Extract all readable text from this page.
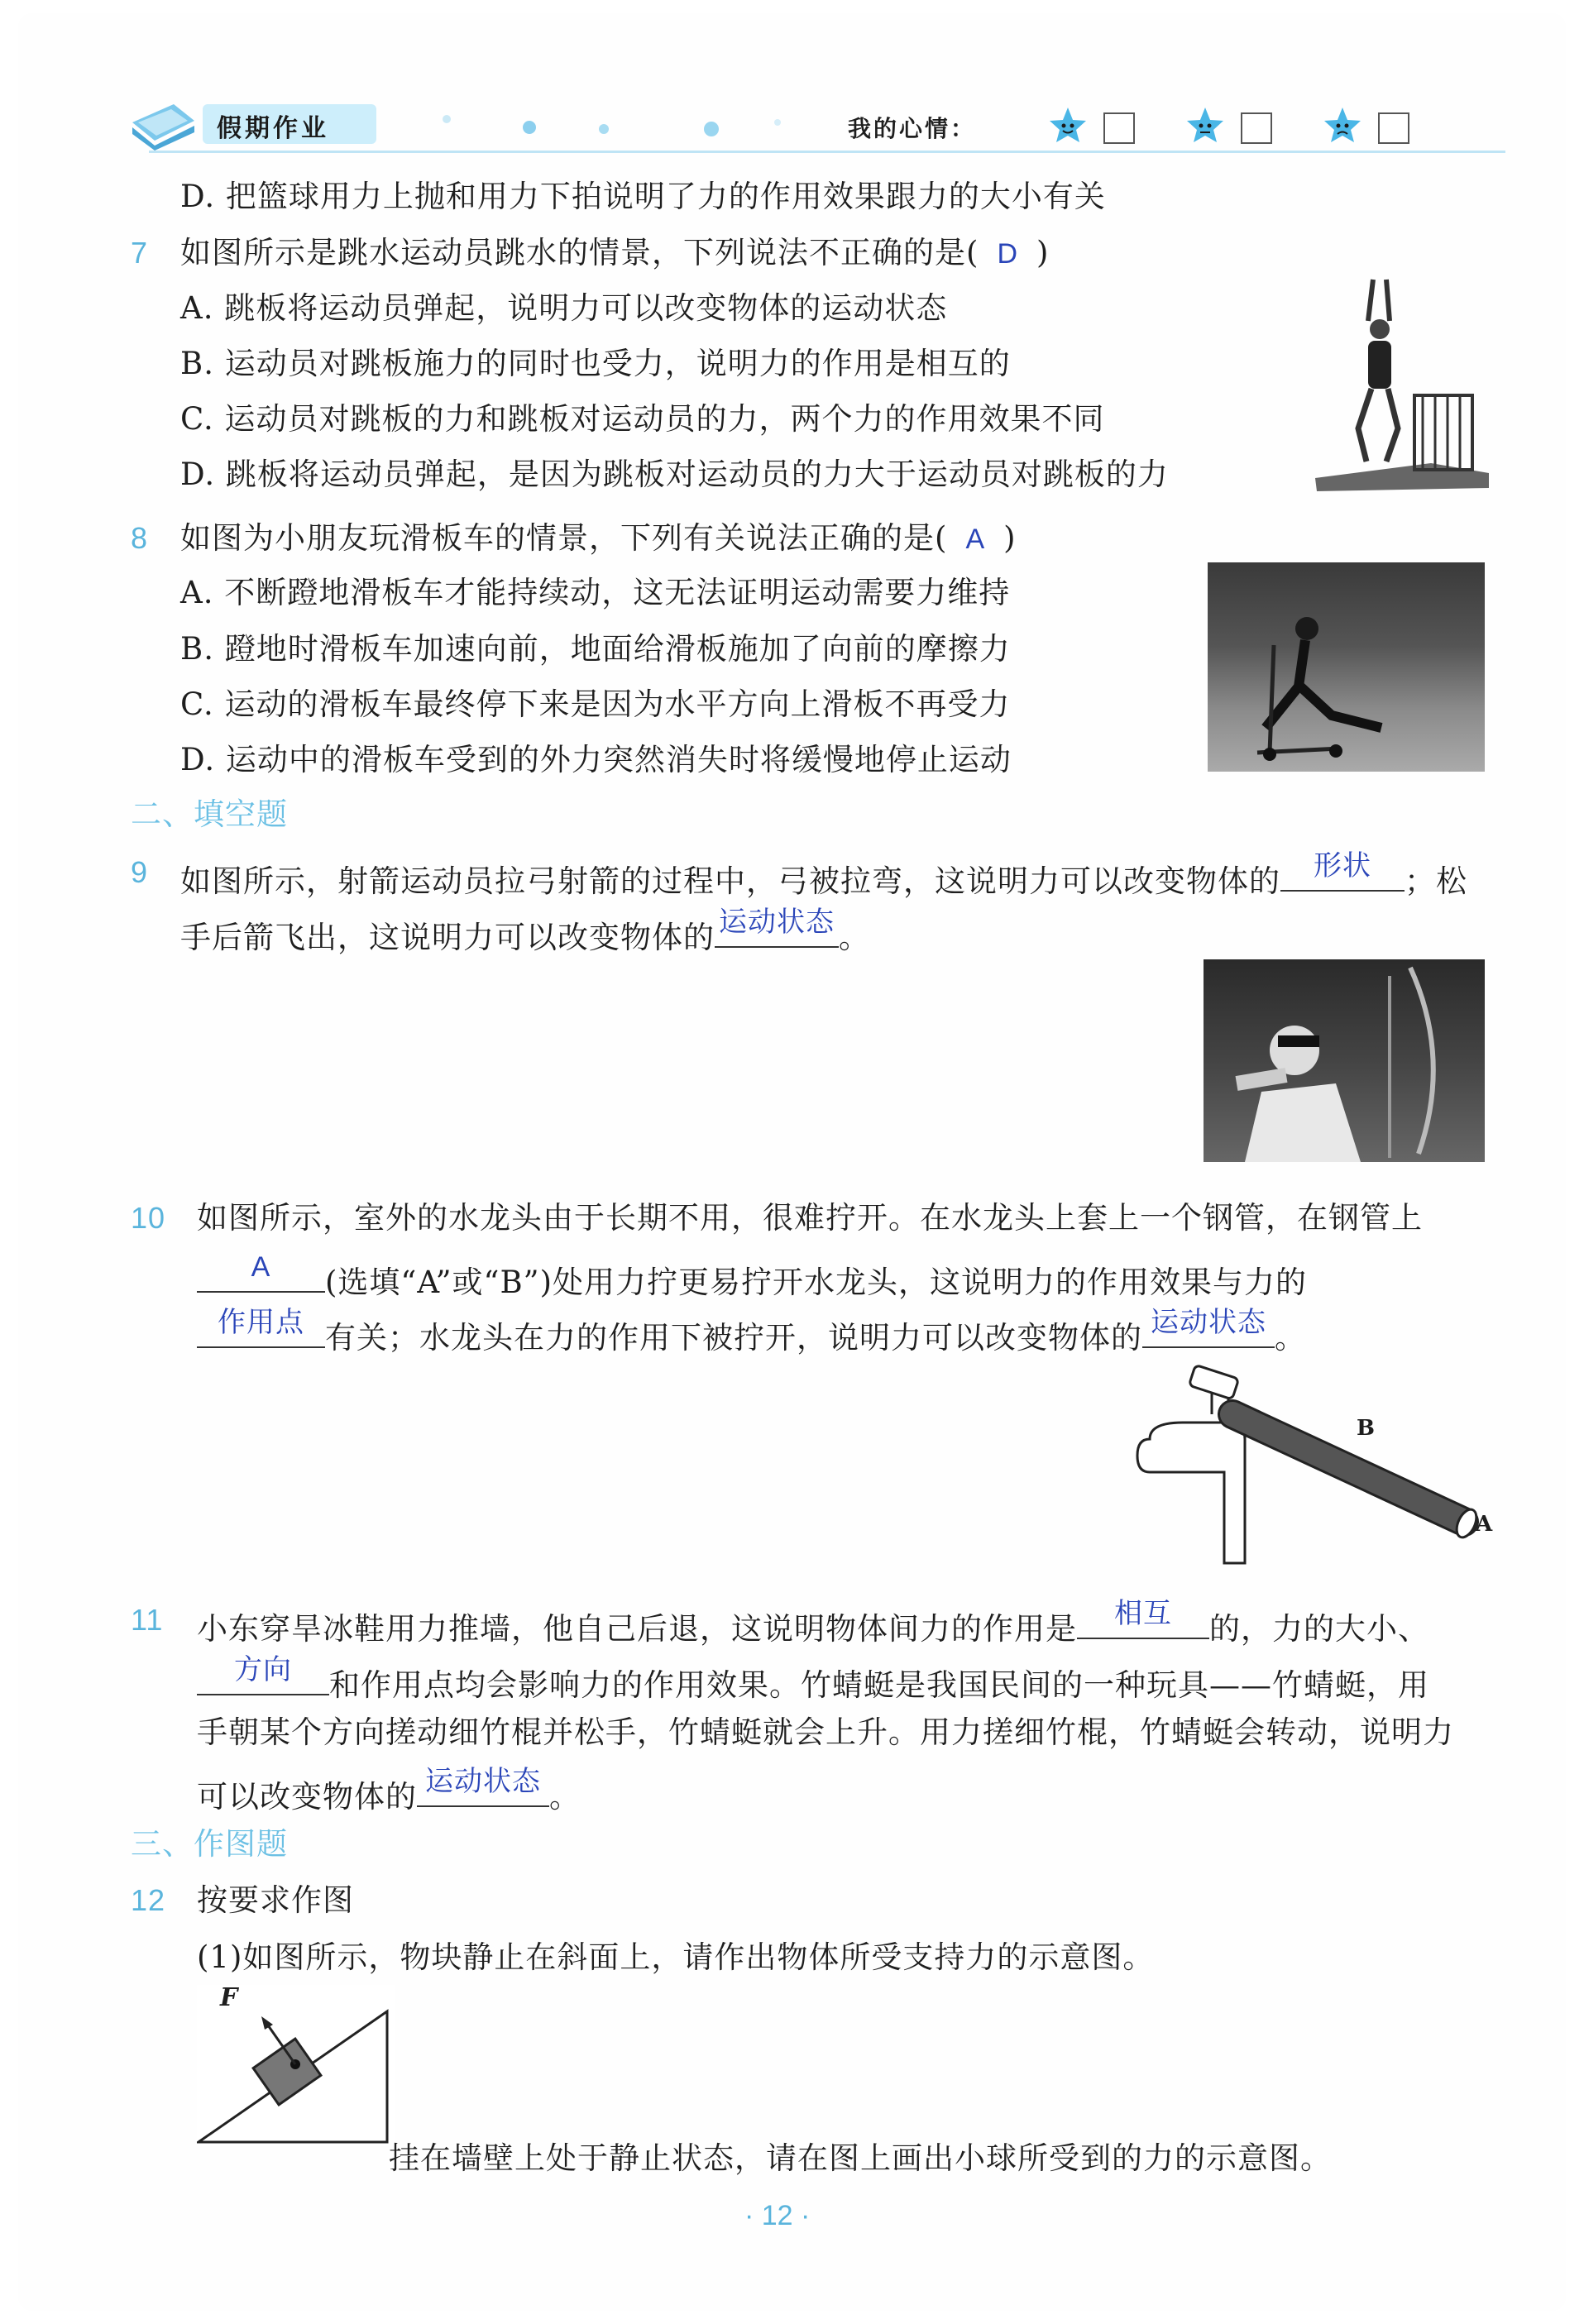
假期作业	我的心情：
D. 把篮球用力上抛和用力下拍说明了力的作用效果跟力的大小有关
7 如图所示是跳水运动员跳水的情景，下列说法不正确的是( D )
A. 跳板将运动员弹起，说明力可以改变物体的运动状态
B. 运动员对跳板施力的同时也受力，说明力的作用是相互的
C. 运动员对跳板的力和跳板对运动员的力，两个力的作用效果不同
D. 跳板将运动员弹起，是因为跳板对运动员的力大于运动员对跳板的力
8 如图为小朋友玩滑板车的情景，下列有关说法正确的是( A )
A. 不断蹬地滑板车才能持续动，这无法证明运动需要力维持
B. 蹬地时滑板车加速向前，地面给滑板施加了向前的摩擦力
C. 运动的滑板车最终停下来是因为水平方向上滑板不再受力
D. 运动中的滑板车受到的外力突然消失时将缓慢地停止运动
二、填空题
9 如图所示，射箭运动员拉弓射箭的过程中，弓被拉弯，这说明力可以改变物体的	形状	；松
手后箭飞出，这说明力可以改变物体的 运动状态 。
10 如图所示，室外的水龙头由于长期不用，很难拧开。在水龙头上套上一个钢管，在钢管上
A	(选填“A”或“B”)处用力拧更易拧开水龙头，这说明力的作用效果与力的
作用点 有关；水龙头在力的作用下被拧开，说明力可以改变物体的 运动状态 。
B
A
11 小东穿旱冰鞋用力推墙，他自己后退，这说明物体间力的作用是	相互	的，力的大小、
方向	和作用点均会影响力的作用效果。竹蜻蜓是我国民间的一种玩具——竹蜻蜓，用
手朝某个方向搓动细竹棍并松手，竹蜻蜓就会上升。用力搓细竹棍，竹蜻蜓会转动，说明力
可以改变物体的 运动状态 。
三、作图题
12 按要求作图
(1)如图所示，物块静止在斜面上，请作出物体所受支持力的示意图。
F
挂在墙壁上处于静止状态，请在图上画出小球所受到的力的示意图。
· 12 ·
